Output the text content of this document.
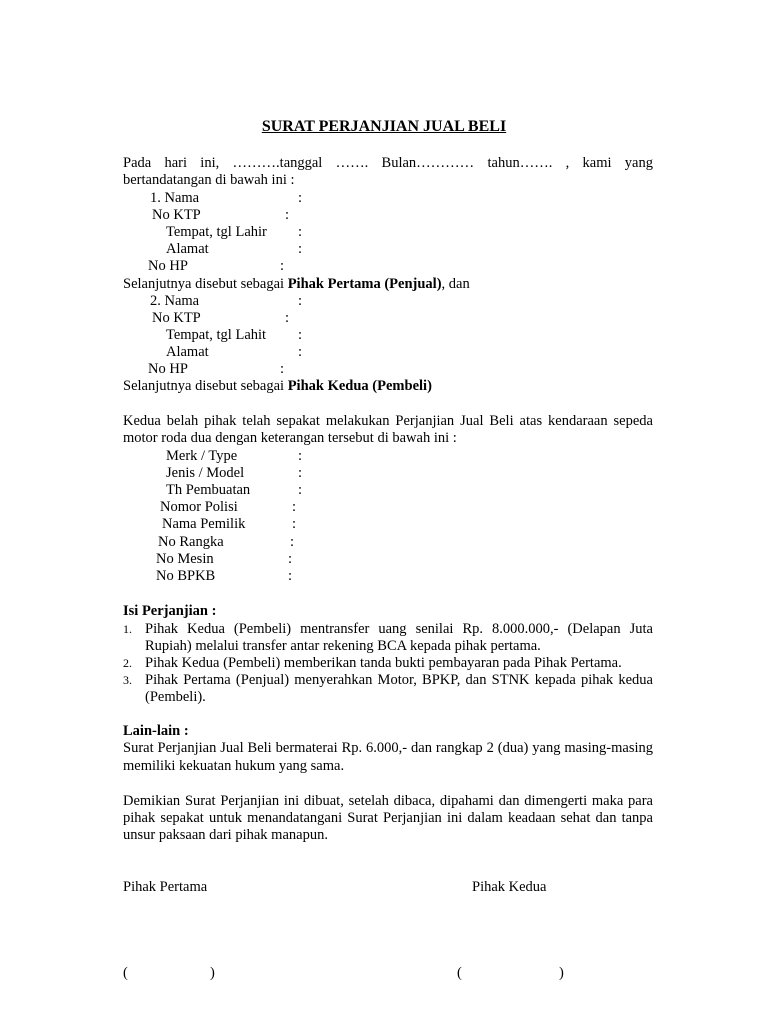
SURAT PERJANJIAN JUAL BELI

Pada hari ini, ……….tanggal ……. Bulan………… tahun……. , kami yang

bertandatangan di bawah ini :

1. Nama	:

No KTP	:

Tempat, tgl Lahir :

Alamat	:

No HP	:

Selanjutnya disebut sebagai Pihak Pertama (Penjual), dan

2. Nama	:

No KTP	:

Tempat, tgl Lahit :

Alamat	:

No HP	:

Selanjutnya disebut sebagai Pihak Kedua (Pembeli)

Kedua belah pihak telah sepakat melakukan Perjanjian Jual Beli atas kendaraan sepeda

motor roda dua dengan keterangan tersebut di bawah ini :

Merk / Type	:

Jenis / Model	:

Th Pembuatan	:

Nomor Polisi	:

Nama Pemilik	:

No Rangka	:

No Mesin	:

No BPKB	:

Isi Perjanjian :

1. Pihak Kedua (Pembeli) mentransfer uang senilai Rp. 8.000.000,- (Delapan Juta

Rupiah) melalui transfer antar rekening BCA kepada pihak pertama.

2. Pihak Kedua (Pembeli) memberikan tanda bukti pembayaran pada Pihak Pertama.

3. Pihak Pertama (Penjual) menyerahkan Motor, BPKP, dan STNK kepada pihak kedua

(Pembeli).

Lain-lain :

Surat Perjanjian Jual Beli bermaterai Rp. 6.000,- dan rangkap 2 (dua) yang masing-masing

memiliki kekuatan hukum yang sama.

Demikian Surat Perjanjian ini dibuat, setelah dibaca, dipahami dan dimengerti maka para

pihak sepakat untuk menandatangani Surat Perjanjian ini dalam keadaan sehat dan tanpa

unsur paksaan dari pihak manapun.

Pihak Pertama	Pihak Kedua

(	)	(	)
